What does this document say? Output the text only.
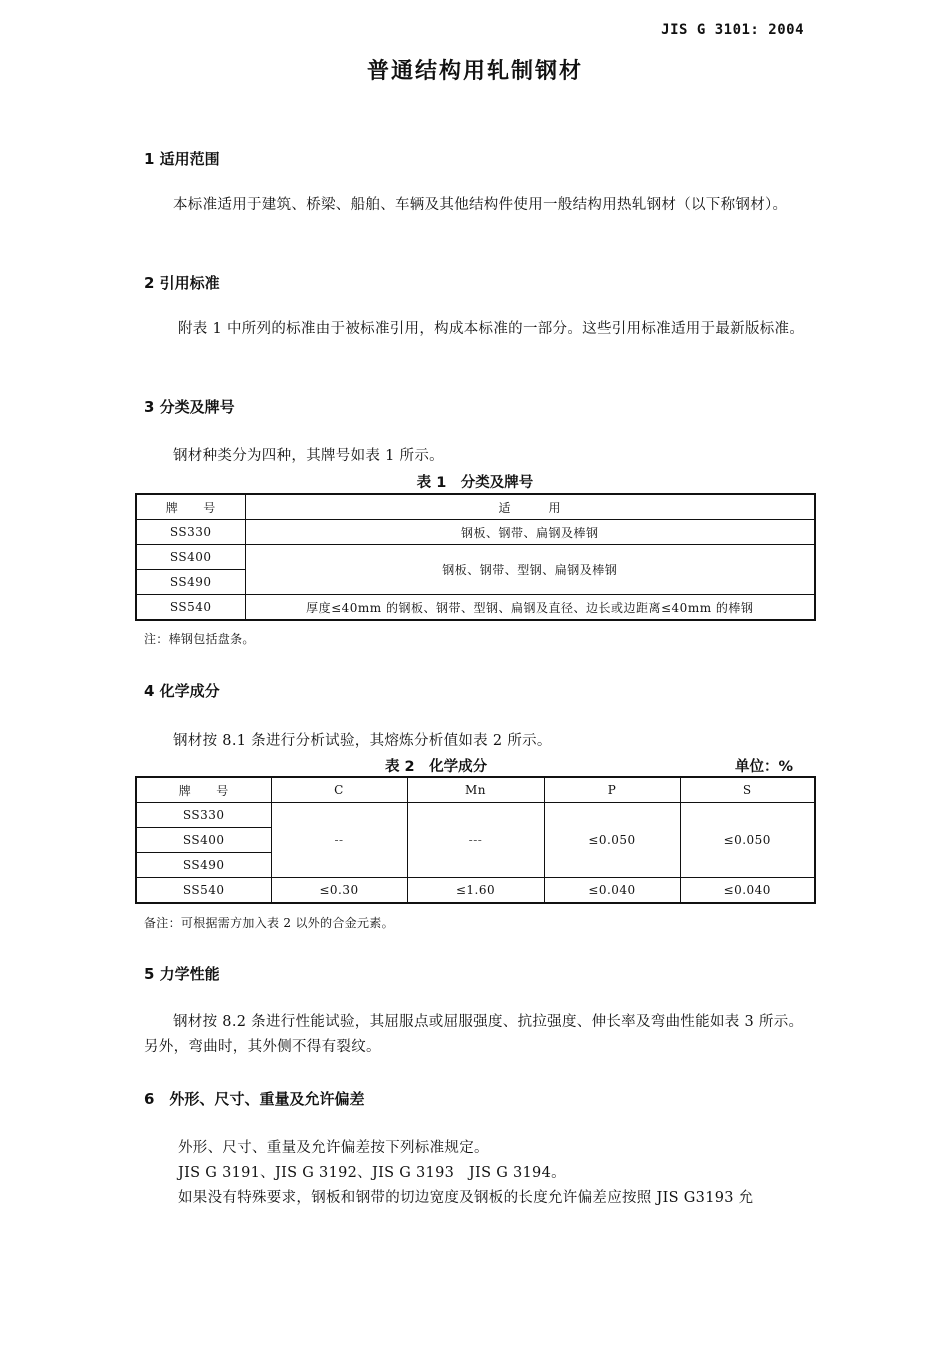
JIS G 3101: 2004
普通结构用轧制钢材
1 适用范围
本标准适用于建筑、桥梁、船舶、车辆及其他结构件使用一般结构用热轧钢材（以下称钢材）。
2 引用标准
附表 1 中所列的标准由于被标准引用，构成本标准的一部分。这些引用标准适用于最新版标准。
3 分类及牌号
钢材种类分为四种，其牌号如表 1 所示。
表 1　分类及牌号
牌　　号	适　　　用
SS330	钢板、钢带、扁钢及棒钢
SS400	钢板、钢带、型钢、扁钢及棒钢
SS490	
SS540	厚度≤40mm 的钢板、钢带、型钢、扁钢及直径、边长或边距离≤40mm 的棒钢
注：棒钢包括盘条。
4 化学成分
钢材按 8.1 条进行分析试验，其熔炼分析值如表 2 所示。
表 2　化学成分	单位：%
牌　　号	C	Mn	P	S
SS330	--	---	≤0.050	≤0.050
SS400				
SS490				
SS540	≤0.30	≤1.60	≤0.040	≤0.040
备注：可根据需方加入表 2 以外的合金元素。
5 力学性能
钢材按 8.2 条进行性能试验，其屈服点或屈服强度、抗拉强度、伸长率及弯曲性能如表 3 所示。另外，弯曲时，其外侧不得有裂纹。
6　外形、尺寸、重量及允许偏差
外形、尺寸、重量及允许偏差按下列标准规定。
JIS G 3191、JIS G 3192、JIS G 3193　JIS G 3194。
如果没有特殊要求，钢板和钢带的切边宽度及钢板的长度允许偏差应按照 JIS G3193 允
